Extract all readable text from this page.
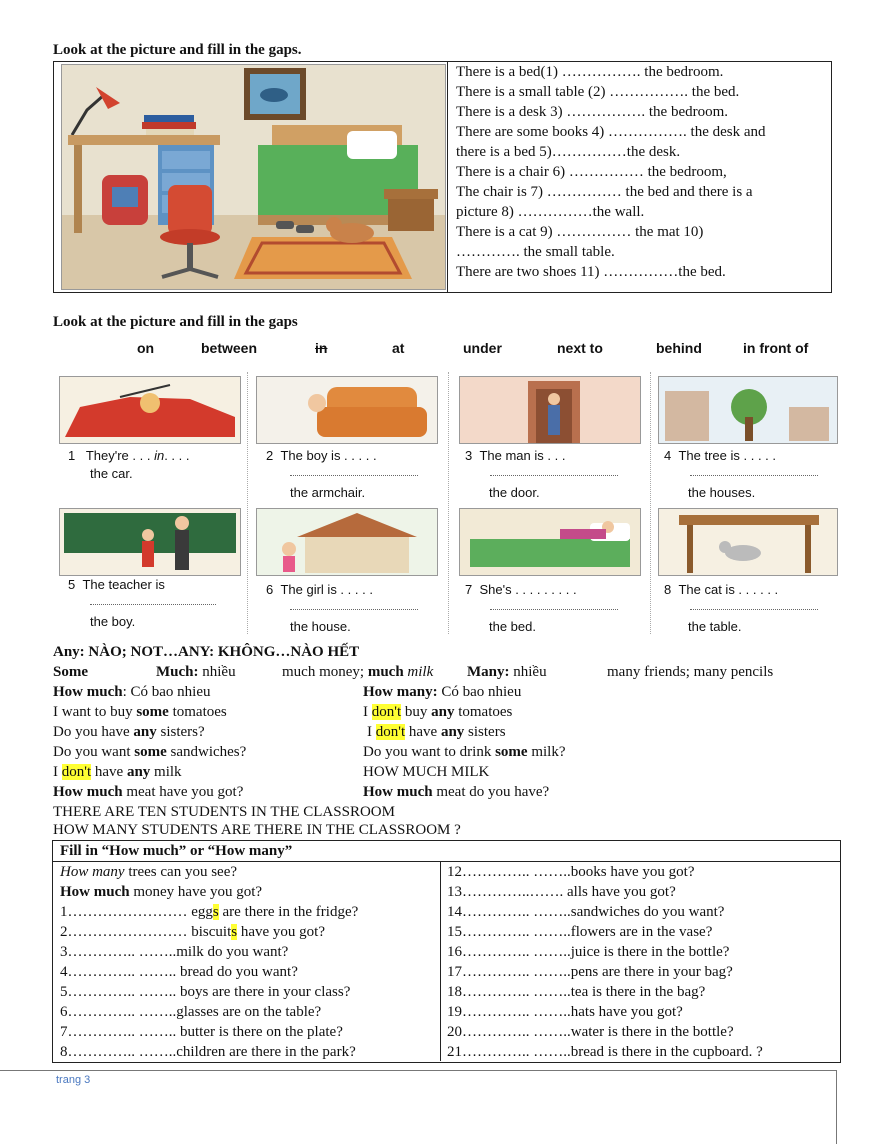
Look at the picture and fill in the gaps.
There is a bed(1) ……………. the bedroom.
There is a small table (2) ……………. the bed.
There is a desk 3) ……………. the bedroom.
There are some books 4) ……………. the desk and
there is a bed 5)……………the desk.
There is a chair 6) …………… the bedroom,
The chair is 7) …………… the bed and there is a
picture 8) ……………the wall.
There is a cat 9) …………… the mat 10)
…………. the small table.
There are two shoes 11) ……………the bed.
Look at the picture and fill in the gaps
on	between	in	at	under	next to	behind	in front of
1 They're . . . in. . . .
the car.
2 The boy is . . . . .
the armchair.
3 The man is . . .
the door.
4 The tree is . . . . .
the houses.
5 The teacher is
the boy.
6 The girl is . . . . .
the house.
7 She's . . . . . . . . .
the bed.
8 The cat is . . . . . .
the table.
Any: NÀO; NOT…ANY: KHÔNG…NÀO HẾT
Some	Much: nhiều	much money; much milk Many: nhiều	many friends; many pencils
How much: Có bao nhieu	How many: Có bao nhieu
I want to buy some tomatoes	I don't buy any tomatoes
Do you have any sisters?	I don't have any sisters
Do you want some sandwiches?	Do you want to drink some milk?
I don't have any milk	HOW MUCH MILK
How much meat have you got?	How much meat do you have?
THERE ARE TEN STUDENTS IN THE CLASSROOM
HOW MANY STUDENTS ARE THERE IN THE CLASSROOM ?
Fill in “How much” or “How many”
How many trees can you see?
How much money have you got?
1…………………… eggs are there in the fridge?
2…………………… biscuits have you got?
3………….. ……..milk do you want?
4………….. …….. bread do you want?
5………….. …….. boys are there in your class?
6………….. ……..glasses are on the table?
7………….. …….. butter is there on the plate?
8………….. ……..children are there in the park?
12………….. ……..books have you got?
13…………..……. alls have you got?
14………….. ……..sandwiches do you want?
15………….. ……..flowers are in the vase?
16………….. ……..juice is there in the bottle?
17………….. ……..pens are there in your bag?
18………….. ……..tea is there in the bag?
19………….. ……..hats have you got?
20………….. ……..water is there in the bottle?
21………….. ……..bread is there in the cupboard. ?
trang 3
